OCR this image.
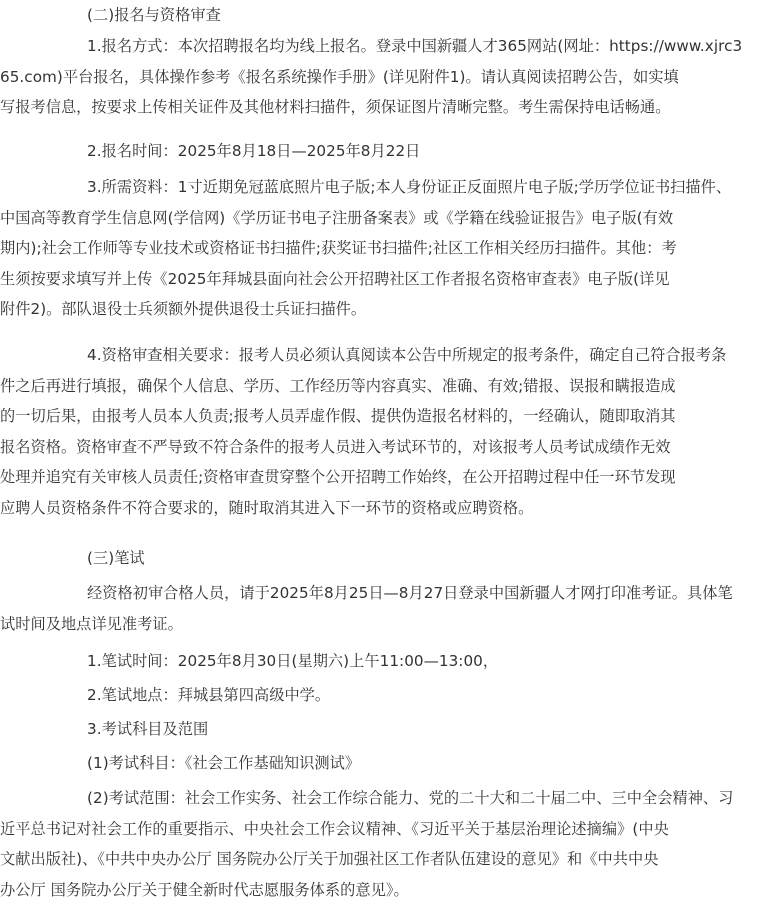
(二)报名与资格审查
1.报名方式：本次招聘报名均为线上报名。登录中国新疆人才365网站(网址：https://www.xjrc3
65.com)平台报名，具体操作参考《报名系统操作手册》(详见附件1)。请认真阅读招聘公告，如实填
写报考信息，按要求上传相关证件及其他材料扫描件，须保证图片清晰完整。考生需保持电话畅通。
2.报名时间：2025年8月18日—2025年8月22日
3.所需资料：1寸近期免冠蓝底照片电子版;本人身份证正反面照片电子版;学历学位证书扫描件、
中国高等教育学生信息网(学信网)《学历证书电子注册备案表》或《学籍在线验证报告》电子版(有效
期内);社会工作师等专业技术或资格证书扫描件;获奖证书扫描件;社区工作相关经历扫描件。其他：考
生须按要求填写并上传《2025年拜城县面向社会公开招聘社区工作者报名资格审查表》电子版(详见
附件2)。部队退役士兵须额外提供退役士兵证扫描件。
4.资格审查相关要求：报考人员必须认真阅读本公告中所规定的报考条件，确定自己符合报考条
件之后再进行填报，确保个人信息、学历、工作经历等内容真实、准确、有效;错报、误报和瞒报造成
的一切后果，由报考人员本人负责;报考人员弄虚作假、提供伪造报名材料的，一经确认，随即取消其
报名资格。资格审查不严导致不符合条件的报考人员进入考试环节的，对该报考人员考试成绩作无效
处理并追究有关审核人员责任;资格审查贯穿整个公开招聘工作始终，在公开招聘过程中任一环节发现
应聘人员资格条件不符合要求的，随时取消其进入下一环节的资格或应聘资格。
(三)笔试
经资格初审合格人员，请于2025年8月25日—8月27日登录中国新疆人才网打印准考证。具体笔
试时间及地点详见准考证。
1.笔试时间：2025年8月30日(星期六)上午11:00—13:00，
2.笔试地点：拜城县第四高级中学。
3.考试科目及范围
(1)考试科目：《社会工作基础知识测试》
(2)考试范围：社会工作实务、社会工作综合能力、党的二十大和二十届二中、三中全会精神、习
近平总书记对社会工作的重要指示、中央社会工作会议精神、《习近平关于基层治理论述摘编》(中央
文献出版社)、《中共中央办公厅 国务院办公厅关于加强社区工作者队伍建设的意见》和《中共中央
办公厅 国务院办公厅关于健全新时代志愿服务体系的意见》。
